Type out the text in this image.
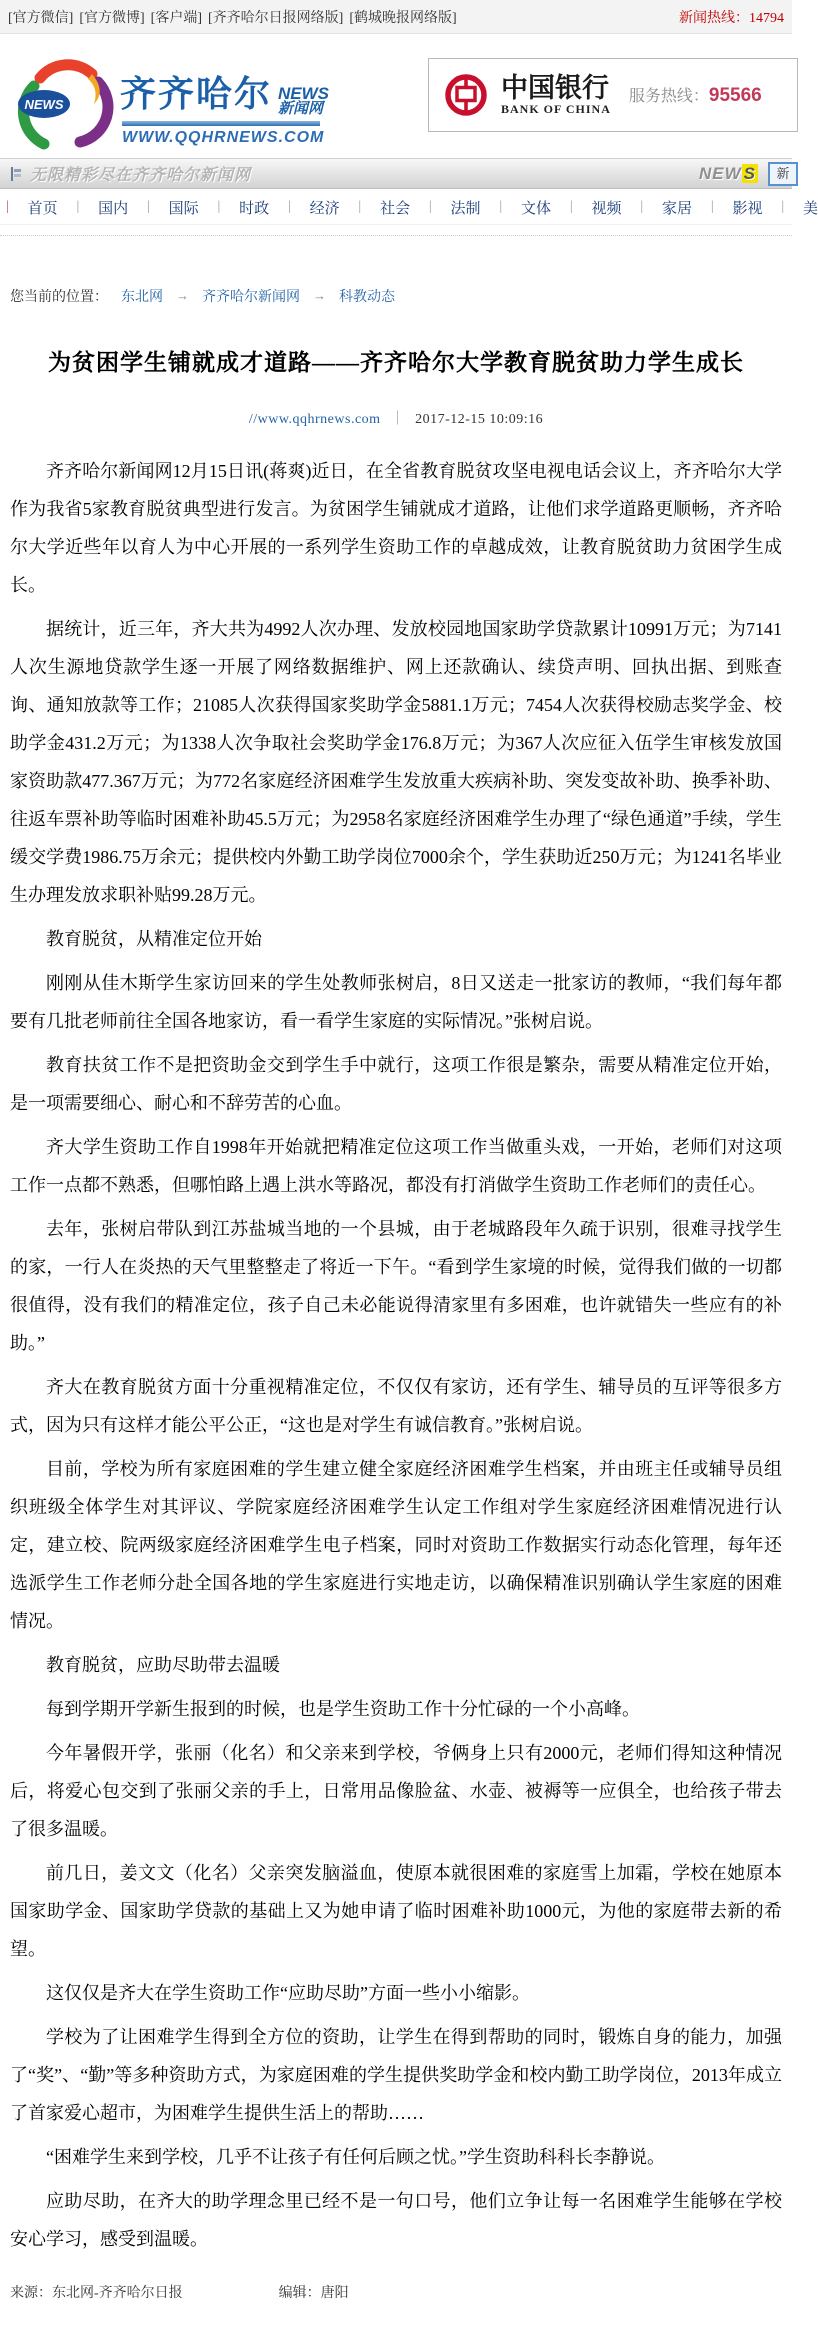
[官方微信] [官方微博] [客户端] [齐齐哈尔日报网络版] [鹤城晚报网络版]	新闻热线：14794
NEWS 齐齐哈尔 NEWS
新闻网
WWW.QQHRNEWS.COM
中国银行
BANK OF CHINA
服务热线：95566
无限精彩尽在齐齐哈尔新闻网	NEW S	新
| 首页 | 国内 | 国际 | 时政 | 经济 | 社会 | 法制 | 文体 | 视频 | 家居 | 影视 | 美
您当前的位置： 东北网 → 齐齐哈尔新闻网 → 科教动态
为贫困学生铺就成才道路——齐齐哈尔大学教育脱贫助力学生成长
//www.qqhrnews.com ｜ 2017-12-15 10:09:16

齐齐哈尔新闻网12月15日讯(蒋爽)近日，在全省教育脱贫攻坚电视电话会议上，齐齐哈尔大学作为我省5家教育脱贫典型进行发言。为贫困学生铺就成才道路，让他们求学道路更顺畅，齐齐哈尔大学近些年以育人为中心开展的一系列学生资助工作的卓越成效，让教育脱贫助力贫困学生成长。

据统计，近三年，齐大共为4992人次办理、发放校园地国家助学贷款累计10991万元；为7141人次生源地贷款学生逐一开展了网络数据维护、网上还款确认、续贷声明、回执出据、到账查询、通知放款等工作；21085人次获得国家奖助学金5881.1万元；7454人次获得校励志奖学金、校助学金431.2万元；为1338人次争取社会奖助学金176.8万元；为367人次应征入伍学生审核发放国家资助款477.367万元；为772名家庭经济困难学生发放重大疾病补助、突发变故补助、换季补助、往返车票补助等临时困难补助45.5万元；为2958名家庭经济困难学生办理了“绿色通道”手续，学生缓交学费1986.75万余元；提供校内外勤工助学岗位7000余个，学生获助近250万元；为1241名毕业生办理发放求职补贴99.28万元。

教育脱贫，从精准定位开始

刚刚从佳木斯学生家访回来的学生处教师张树启，8日又送走一批家访的教师，“我们每年都要有几批老师前往全国各地家访，看一看学生家庭的实际情况。”张树启说。

教育扶贫工作不是把资助金交到学生手中就行，这项工作很是繁杂，需要从精准定位开始，是一项需要细心、耐心和不辞劳苦的心血。

齐大学生资助工作自1998年开始就把精准定位这项工作当做重头戏，一开始，老师们对这项工作一点都不熟悉，但哪怕路上遇上洪水等路况，都没有打消做学生资助工作老师们的责任心。

去年，张树启带队到江苏盐城当地的一个县城，由于老城路段年久疏于识别，很难寻找学生的家，一行人在炎热的天气里整整走了将近一下午。“看到学生家境的时候，觉得我们做的一切都很值得，没有我们的精准定位，孩子自己未必能说得清家里有多困难，也许就错失一些应有的补助。”

齐大在教育脱贫方面十分重视精准定位，不仅仅有家访，还有学生、辅导员的互评等很多方式，因为只有这样才能公平公正，“这也是对学生有诚信教育。”张树启说。

目前，学校为所有家庭困难的学生建立健全家庭经济困难学生档案，并由班主任或辅导员组织班级全体学生对其评议、学院家庭经济困难学生认定工作组对学生家庭经济困难情况进行认定，建立校、院两级家庭经济困难学生电子档案，同时对资助工作数据实行动态化管理，每年还选派学生工作老师分赴全国各地的学生家庭进行实地走访，以确保精准识别确认学生家庭的困难情况。

教育脱贫，应助尽助带去温暖

每到学期开学新生报到的时候，也是学生资助工作十分忙碌的一个小高峰。

今年暑假开学，张丽（化名）和父亲来到学校，爷俩身上只有2000元，老师们得知这种情况后，将爱心包交到了张丽父亲的手上，日常用品像脸盆、水壶、被褥等一应俱全，也给孩子带去了很多温暖。

前几日，姜文文（化名）父亲突发脑溢血，使原本就很困难的家庭雪上加霜，学校在她原本国家助学金、国家助学贷款的基础上又为她申请了临时困难补助1000元，为他的家庭带去新的希望。

这仅仅是齐大在学生资助工作“应助尽助”方面一些小小缩影。

学校为了让困难学生得到全方位的资助，让学生在得到帮助的同时，锻炼自身的能力，加强了“奖”、“勤”等多种资助方式，为家庭困难的学生提供奖助学金和校内勤工助学岗位，2013年成立了首家爱心超市，为困难学生提供生活上的帮助……

“困难学生来到学校，几乎不让孩子有任何后顾之忧。”学生资助科科长李静说。

应助尽助，在齐大的助学理念里已经不是一句口号，他们立争让每一名困难学生能够在学校安心学习，感受到温暖。

来源：东北网-齐齐哈尔日报	编辑：唐阳
